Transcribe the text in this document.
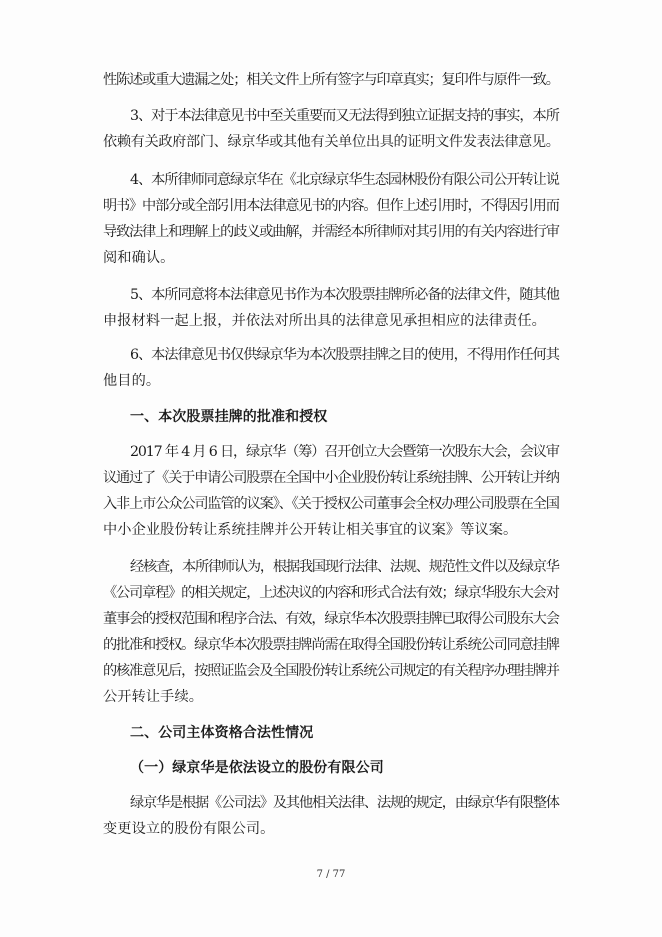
性陈述或重大遗漏之处；相关文件上所有签字与印章真实；复印件与原件一致。
3、对于本法律意见书中至关重要而又无法得到独立证据支持的事实，本所
依赖有关政府部门、绿京华或其他有关单位出具的证明文件发表法律意见。
4、本所律师同意绿京华在《北京绿京华生态园林股份有限公司公开转让说
明书》中部分或全部引用本法律意见书的内容。但作上述引用时，不得因引用而
导致法律上和理解上的歧义或曲解，并需经本所律师对其引用的有关内容进行审
阅和确认。
5、本所同意将本法律意见书作为本次股票挂牌所必备的法律文件，随其他
申报材料一起上报，并依法对所出具的法律意见承担相应的法律责任。
6、本法律意见书仅供绿京华为本次股票挂牌之目的使用，不得用作任何其
他目的。
一、本次股票挂牌的批准和授权
2017 年 4 月 6 日，绿京华（筹）召开创立大会暨第一次股东大会，会议审
议通过了《关于申请公司股票在全国中小企业股份转让系统挂牌、公开转让并纳
入非上市公众公司监管的议案》、《关于授权公司董事会全权办理公司股票在全国
中小企业股份转让系统挂牌并公开转让相关事宜的议案》等议案。
经核查，本所律师认为，根据我国现行法律、法规、规范性文件以及绿京华
《公司章程》的相关规定，上述决议的内容和形式合法有效；绿京华股东大会对
董事会的授权范围和程序合法、有效，绿京华本次股票挂牌已取得公司股东大会
的批准和授权。绿京华本次股票挂牌尚需在取得全国股份转让系统公司同意挂牌
的核准意见后，按照证监会及全国股份转让系统公司规定的有关程序办理挂牌并
公开转让手续。
二、公司主体资格合法性情况
（一）绿京华是依法设立的股份有限公司
绿京华是根据《公司法》及其他相关法律、法规的规定，由绿京华有限整体
变更设立的股份有限公司。
7 / 77
